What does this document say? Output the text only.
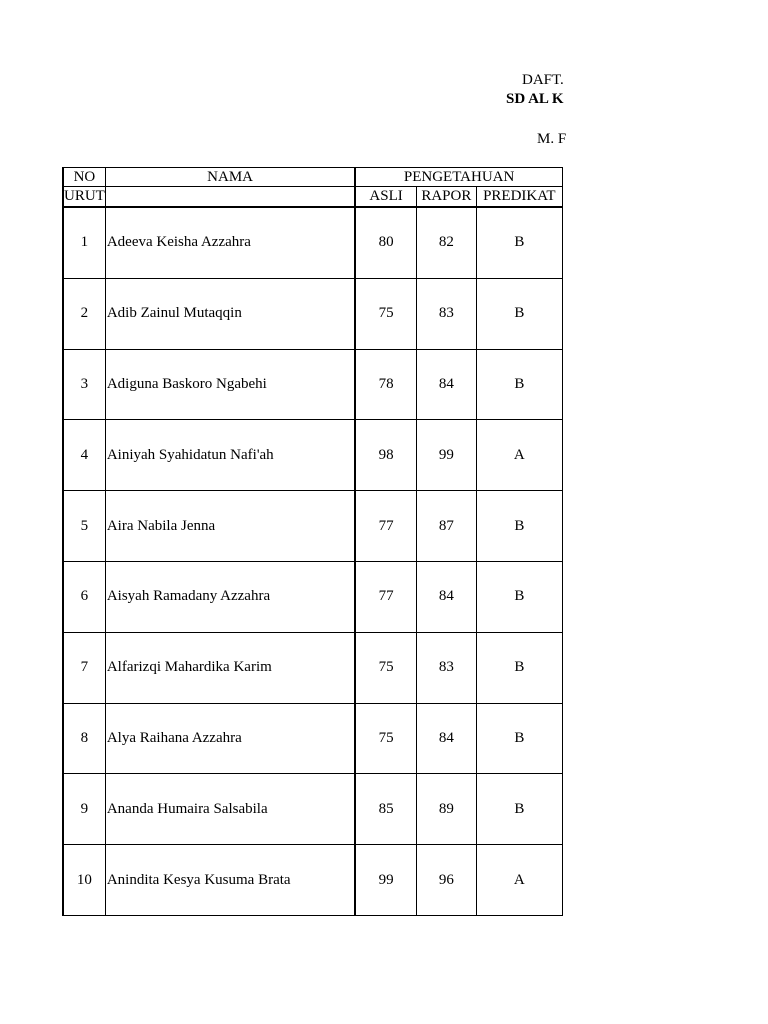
DAFT.
SD AL K
M. F
NO	NAMA	PENGETAHUAN		
URUT		ASLI	RAPOR	PREDIKAT
1	Adeeva Keisha Azzahra	80	82	B
2	Adib Zainul Mutaqqin	75	83	B
3	Adiguna Baskoro Ngabehi	78	84	B
4	Ainiyah Syahidatun Nafi'ah	98	99	A
5	Aira Nabila Jenna	77	87	B
6	Aisyah Ramadany Azzahra	77	84	B
7	Alfarizqi Mahardika Karim	75	83	B
8	Alya Raihana Azzahra	75	84	B
9	Ananda Humaira Salsabila	85	89	B
10	Anindita Kesya Kusuma Brata	99	96	A
